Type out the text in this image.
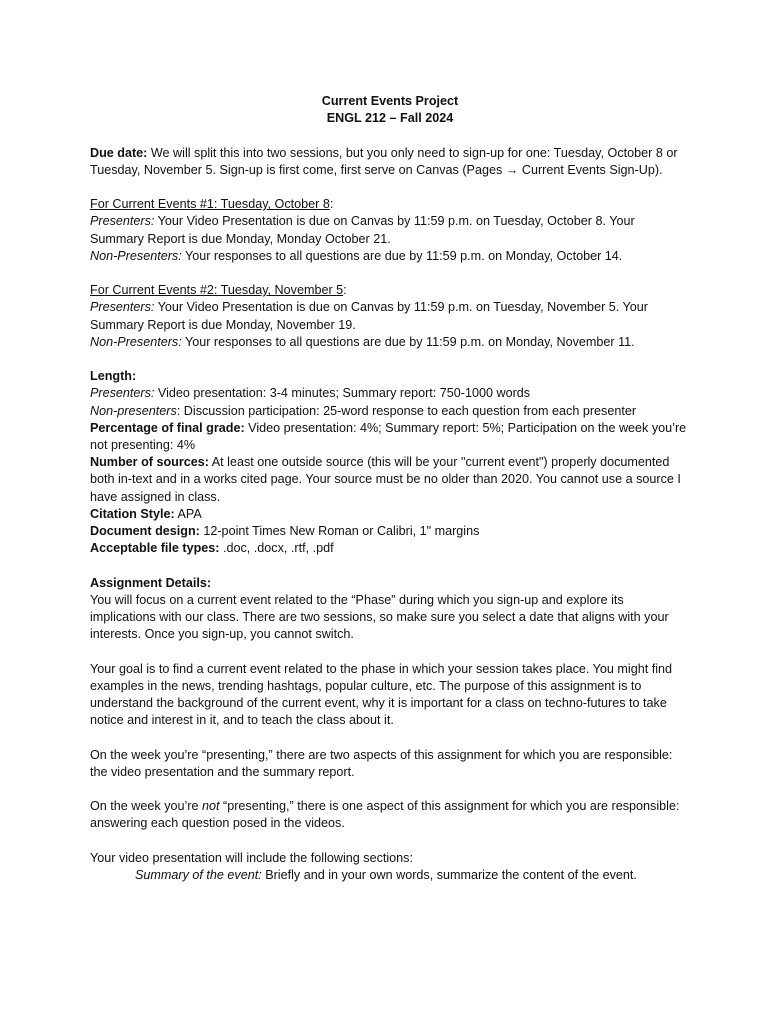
Current Events Project

ENGL 212 – Fall 2024

Due date: We will split this into two sessions, but you only need to sign-up for one: Tuesday, October 8 or Tuesday, November 5. Sign-up is first come, first serve on Canvas (Pages → Current Events Sign-Up).

For Current Events #1: Tuesday, October 8:

Presenters: Your Video Presentation is due on Canvas by 11:59 p.m. on Tuesday, October 8. Your Summary Report is due Monday, Monday October 21.

Non-Presenters: Your responses to all questions are due by 11:59 p.m. on Monday, October 14.

For Current Events #2: Tuesday, November 5:

Presenters: Your Video Presentation is due on Canvas by 11:59 p.m. on Tuesday, November 5. Your Summary Report is due Monday, November 19.

Non-Presenters: Your responses to all questions are due by 11:59 p.m. on Monday, November 11.

Length:

Presenters: Video presentation: 3-4 minutes; Summary report: 750-1000 words

Non-presenters: Discussion participation: 25-word response to each question from each presenter

Percentage of final grade: Video presentation: 4%; Summary report: 5%; Participation on the week you’re not presenting: 4%

Number of sources: At least one outside source (this will be your "current event") properly documented both in-text and in a works cited page. Your source must be no older than 2020. You cannot use a source I have assigned in class.

Citation Style: APA

Document design: 12-point Times New Roman or Calibri, 1" margins

Acceptable file types: .doc, .docx, .rtf, .pdf

Assignment Details:

You will focus on a current event related to the “Phase” during which you sign-up and explore its implications with our class. There are two sessions, so make sure you select a date that aligns with your interests. Once you sign-up, you cannot switch.

Your goal is to find a current event related to the phase in which your session takes place. You might find examples in the news, trending hashtags, popular culture, etc. The purpose of this assignment is to understand the background of the current event, why it is important for a class on techno-futures to take notice and interest in it, and to teach the class about it.

On the week you’re “presenting,” there are two aspects of this assignment for which you are responsible: the video presentation and the summary report.

On the week you’re not “presenting,” there is one aspect of this assignment for which you are responsible: answering each question posed in the videos.

Your video presentation will include the following sections:

Summary of the event: Briefly and in your own words, summarize the content of the event.
